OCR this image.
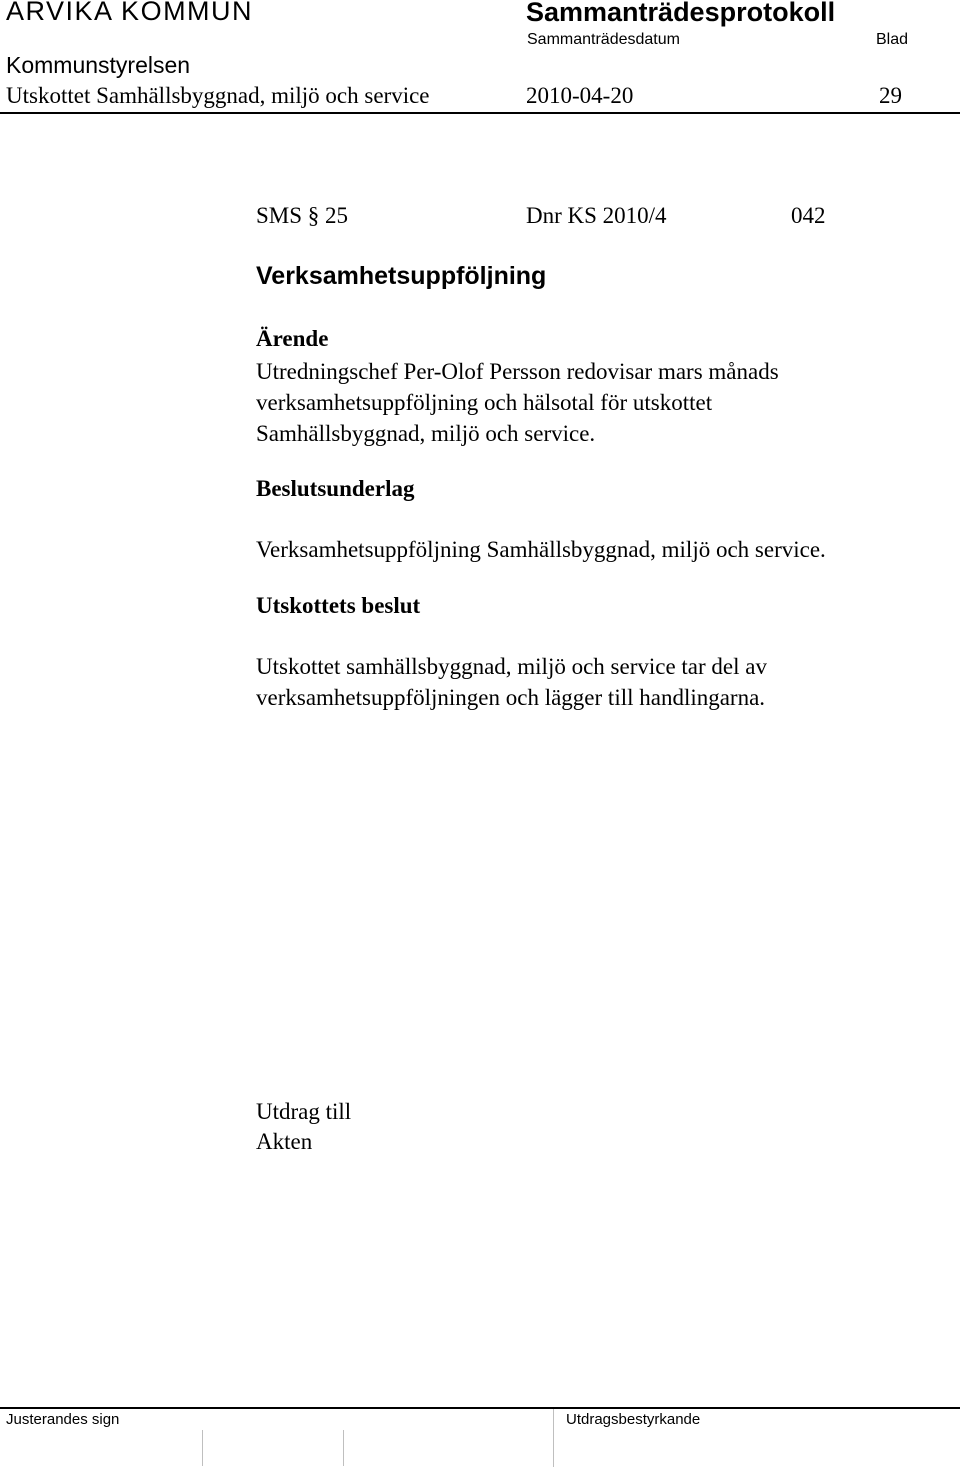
ARVIKA KOMMUN	Sammanträdesprotokoll
Sammanträdesdatum	Blad
Kommunstyrelsen
Utskottet Samhällsbyggnad, miljö och service	2010-04-20	29
SMS § 25	Dnr KS 2010/4	042
Verksamhetsuppföljning
Ärende
Utredningschef Per-Olof Persson redovisar mars månads
verksamhetsuppföljning och hälsotal för utskottet
Samhällsbyggnad, miljö och service.
Beslutsunderlag
Verksamhetsuppföljning Samhällsbyggnad, miljö och service.
Utskottets beslut
Utskottet samhällsbyggnad, miljö och service tar del av
verksamhetsuppföljningen och lägger till handlingarna.
Utdrag till
Akten
Justerandes sign	Utdragsbestyrkande
